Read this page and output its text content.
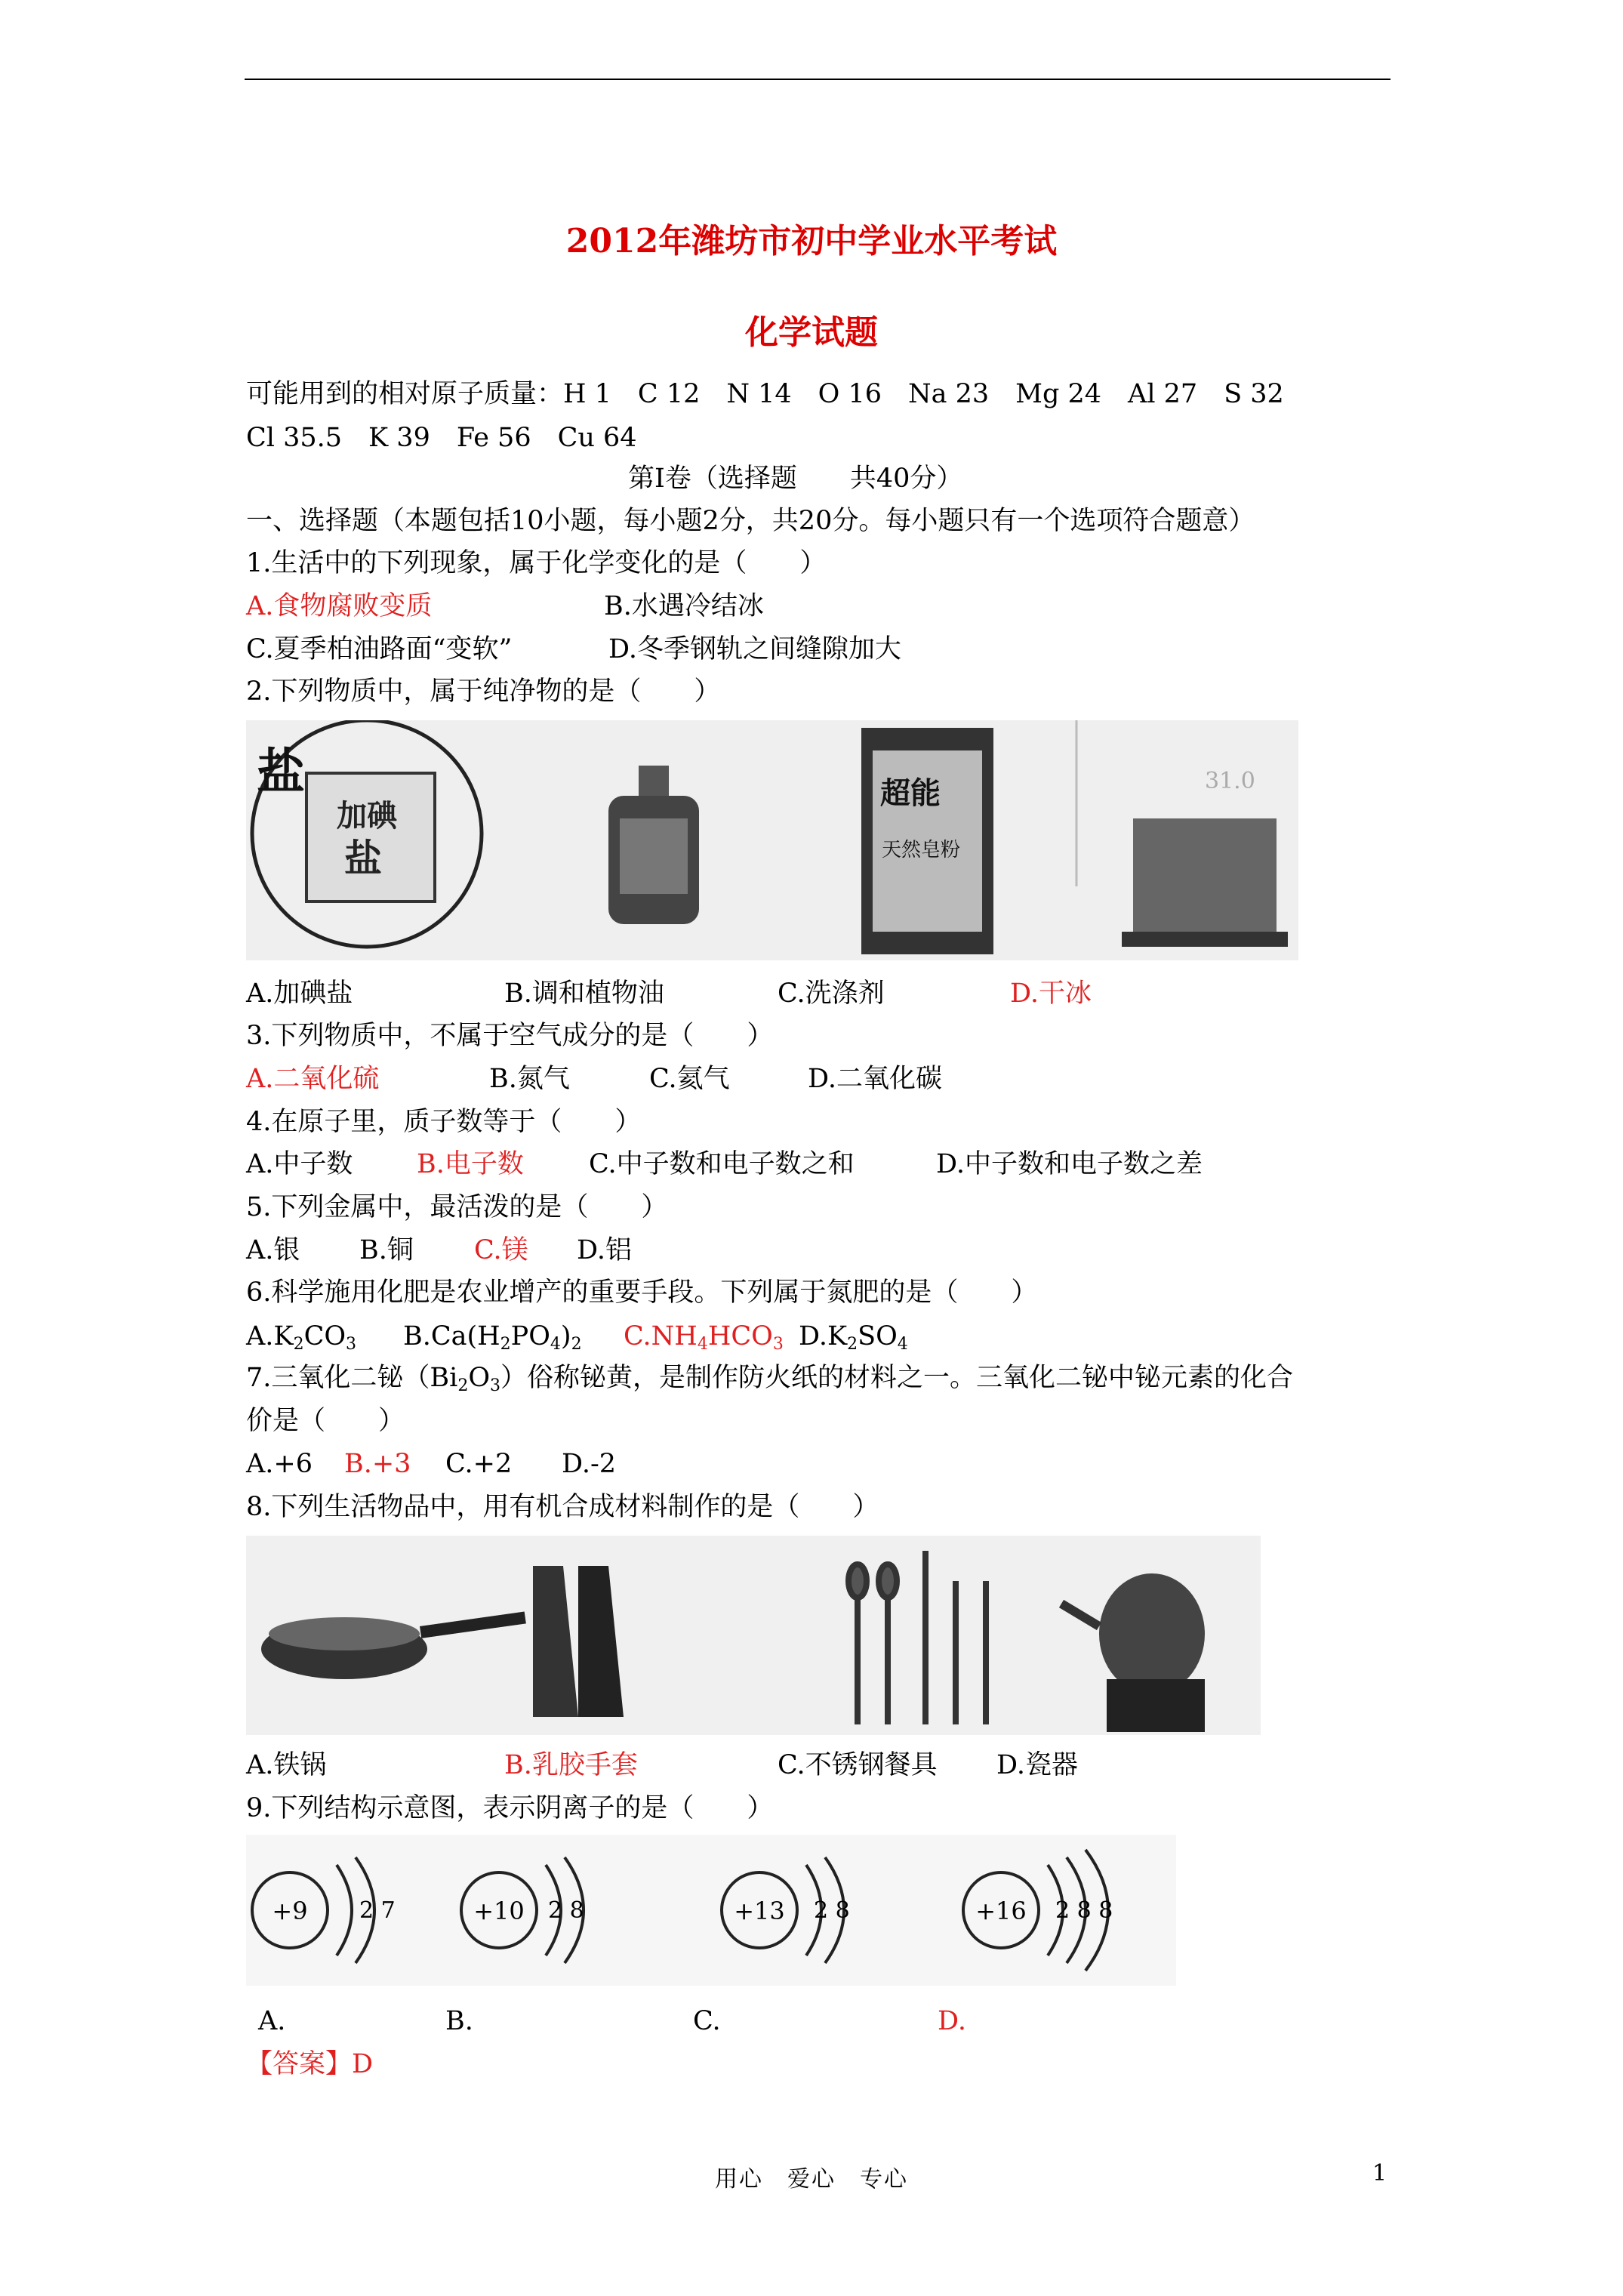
2012年潍坊市初中学业水平考试
化学试题
可能用到的相对原子质量：H 1　C 12　N 14　O 16　Na 23　Mg 24　Al 27　S 32
Cl 35.5　K 39　Fe 56　Cu 64
第Ⅰ卷（选择题　　共40分）
一、选择题（本题包括10小题，每小题2分，共20分。每小题只有一个选项符合题意）
1.生活中的下列现象，属于化学变化的是（　　）
A.食物腐败变质	B.水遇冷结冰
C.夏季柏油路面“变软”	D.冬季钢轨之间缝隙加大
2.下列物质中，属于纯净物的是（　　）
盐
加碘
盐
超能
天然皂粉
31.0
A.加碘盐	B.调和植物油	C.洗涤剂	D.干冰
3.下列物质中，不属于空气成分的是（　　）
A.二氧化硫	B.氮气	C.氦气	D.二氧化碳
4.在原子里，质子数等于（　　）
A.中子数 B.电子数 C.中子数和电子数之和	D.中子数和电子数之差
5.下列金属中，最活泼的是（　　）
A.银 B.铜 C.镁 D.铝
6.科学施用化肥是农业增产的重要手段。下列属于氮肥的是（　　）
$A.K_2CO_3$ $B.Ca(H_2PO_4)_2$ $C.NH_4HCO_3$ $D.K_2SO_4$
7.三氧化二铋$(Bi_2O_3)$俗称铋黄，是制作防火纸的材料之一。三氧化二铋中铋元素的化合
价是（　　）
A.+6 B.+3 C.+2 D.-2
8.下列生活物品中，用有机合成材料制作的是（　　）
A.铁锅	B.乳胶手套	C.不锈钢餐具 D.瓷器
9.下列结构示意图，表示阴离子的是（　　）
+9 2 7	+10 2 8	+13 2 8	+16 2 8 8
A.	B.	C.	D.
【答案】D
用心　爱心　专心	1
